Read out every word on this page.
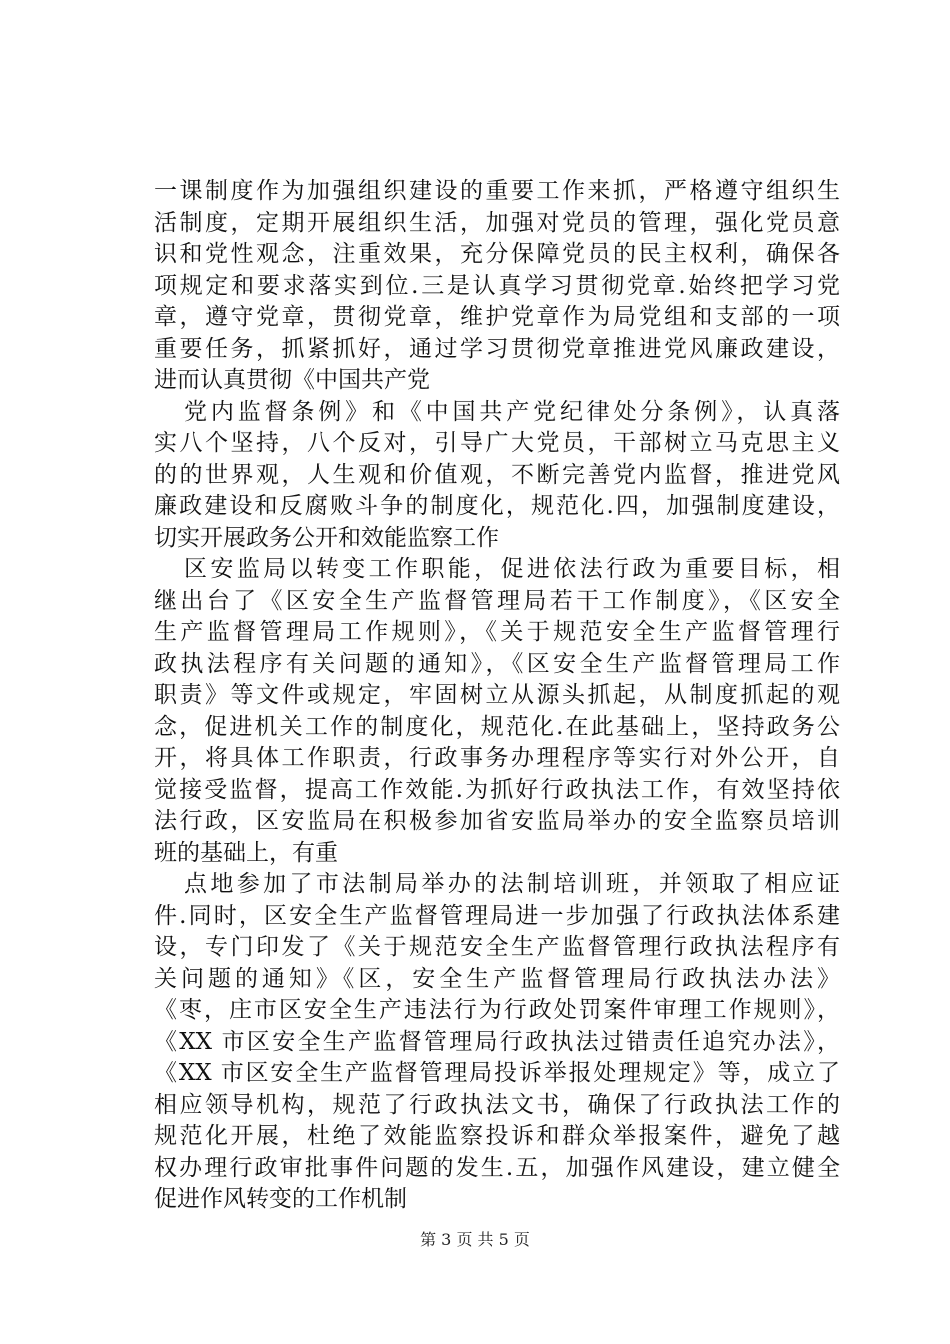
一课制度作为加强组织建设的重要工作来抓，严格遵守组织生
活制度，定期开展组织生活，加强对党员的管理，强化党员意
识和党性观念，注重效果，充分保障党员的民主权利，确保各
项规定和要求落实到位.三是认真学习贯彻党章.始终把学习党
章，遵守党章，贯彻党章，维护党章作为局党组和支部的一项
重要任务，抓紧抓好，通过学习贯彻党章推进党风廉政建设，
进而认真贯彻《中国共产党
党内监督条例》和《中国共产党纪律处分条例》，认真落
实八个坚持，八个反对，引导广大党员，干部树立马克思主义
的的世界观，人生观和价值观，不断完善党内监督，推进党风
廉政建设和反腐败斗争的制度化，规范化.四，加强制度建设，
切实开展政务公开和效能监察工作
区安监局以转变工作职能，促进依法行政为重要目标，相
继出台了《区安全生产监督管理局若干工作制度》，《区安全
生产监督管理局工作规则》，《关于规范安全生产监督管理行
政执法程序有关问题的通知》，《区安全生产监督管理局工作
职责》等文件或规定，牢固树立从源头抓起，从制度抓起的观
念，促进机关工作的制度化，规范化.在此基础上，坚持政务公
开，将具体工作职责，行政事务办理程序等实行对外公开，自
觉接受监督，提高工作效能.为抓好行政执法工作，有效坚持依
法行政，区安监局在积极参加省安监局举办的安全监察员培训
班的基础上，有重
点地参加了市法制局举办的法制培训班，并领取了相应证
件.同时，区安全生产监督管理局进一步加强了行政执法体系建
设，专门印发了《关于规范安全生产监督管理行政执法程序有
关问题的通知》《区，安全生产监督管理局行政执法办法》
《枣，庄市区安全生产违法行为行政处罚案件审理工作规则》，
《XX 市区安全生产监督管理局行政执法过错责任追究办法》，
《XX 市区安全生产监督管理局投诉举报处理规定》等，成立了
相应领导机构，规范了行政执法文书，确保了行政执法工作的
规范化开展，杜绝了效能监察投诉和群众举报案件，避免了越
权办理行政审批事件问题的发生.五，加强作风建设，建立健全
促进作风转变的工作机制
第 3 页 共 5 页
